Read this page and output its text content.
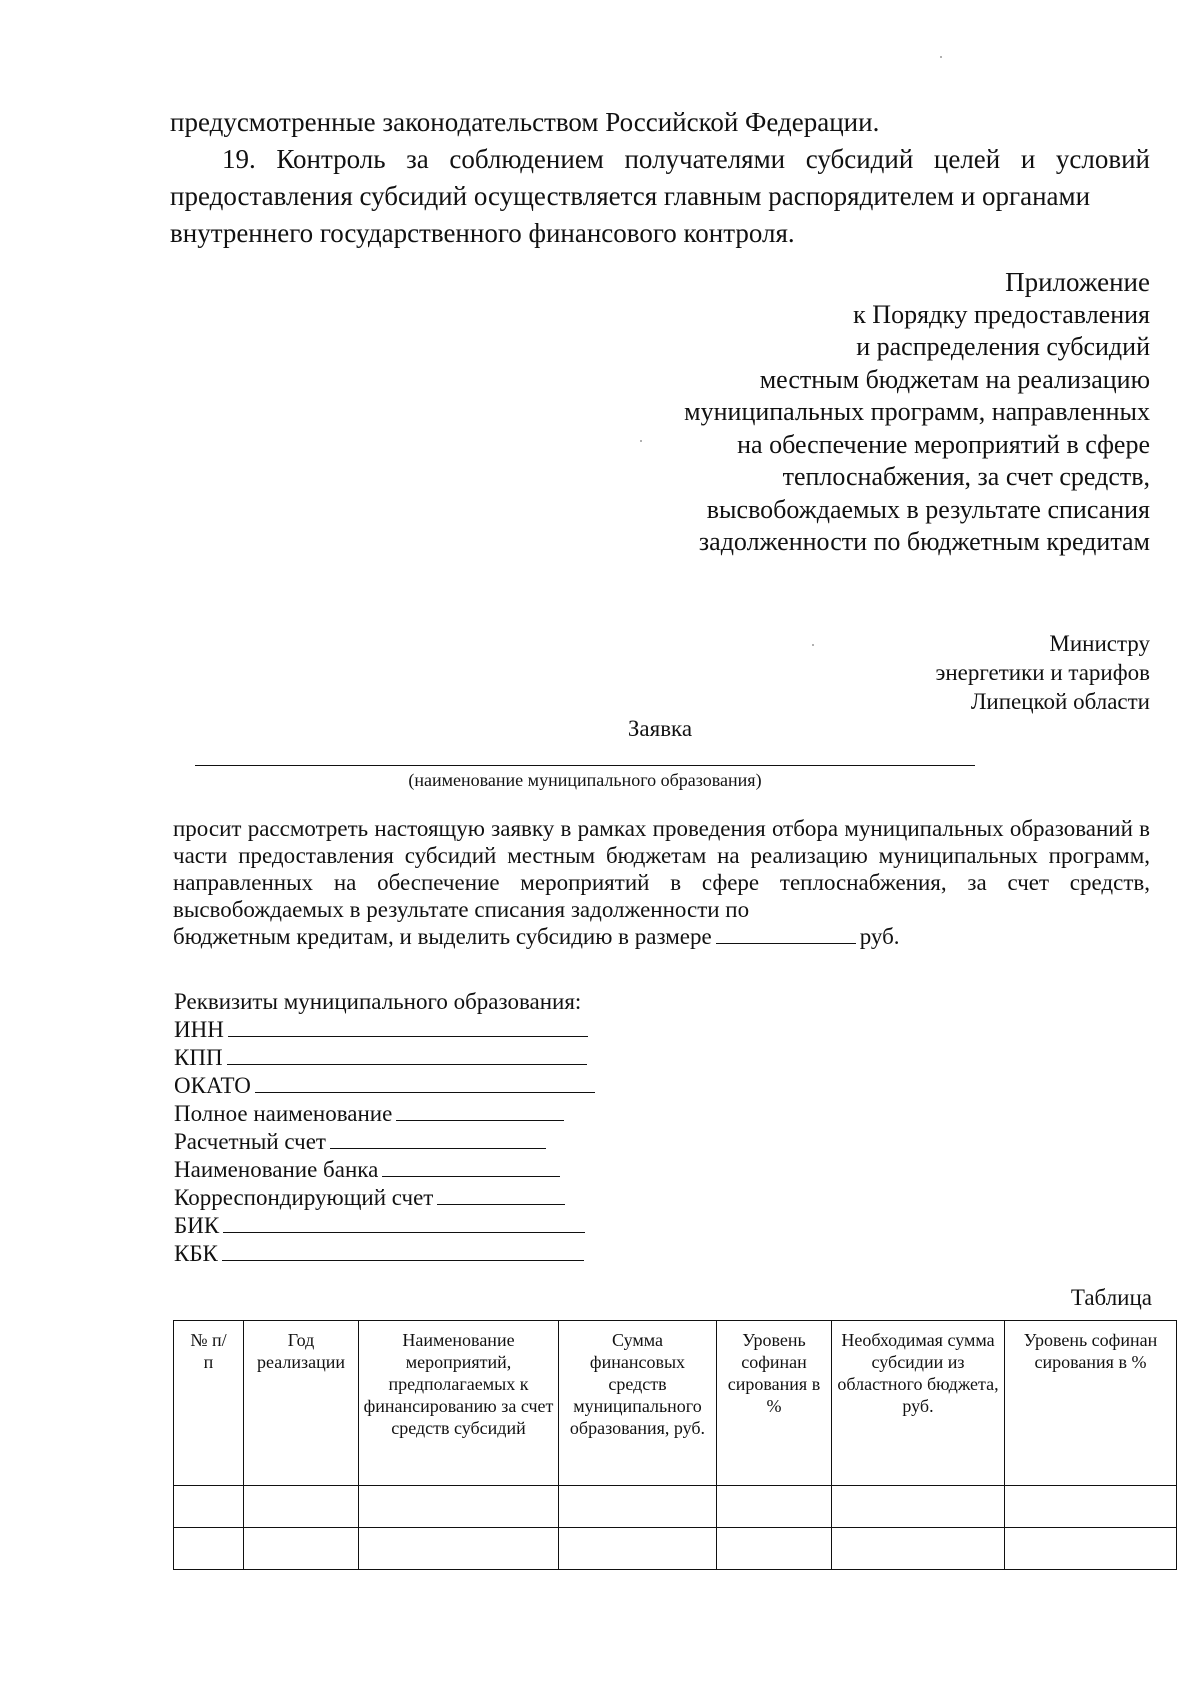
предусмотренные законодательством Российской Федерации.
19. Контроль за соблюдением получателями субсидий целей и условий предоставления субсидий осуществляется главным распорядителем и органами
внутреннего государственного финансового контроля.
Приложение
к Порядку предоставления
и распределения субсидий
местным бюджетам на реализацию
муниципальных программ, направленных
на обеспечение мероприятий в сфере
теплоснабжения, за счет средств,
высвобождаемых в результате списания
задолженности по бюджетным кредитам
Министру
энергетики и тарифов
Липецкой области
Заявка
(наименование муниципального образования)
просит рассмотреть настоящую заявку в рамках проведения отбора муниципальных образований в части предоставления субсидий местным бюджетам на реализацию муниципальных программ, направленных на обеспечение мероприятий в сфере теплоснабжения, за счет средств, высвобождаемых в результате списания задолженности по
бюджетным кредитам, и выделить субсидию в размере	руб.
Реквизиты муниципального образования:
ИНН
КПП
ОКАТО
Полное наименование
Расчетный счет
Наименование банка
Корреспондирующий счет
БИК
КБК
Таблица
№ п/п	Год реализации	Наименование мероприятий, предполагаемых к финансированию за счет средств субсидий	Сумма финансовых средств муниципального образования, руб.	Уровень софинан сирования в %	Необходимая сумма субсидии из областного бюджета, руб.	Уровень софинан сирования в %
